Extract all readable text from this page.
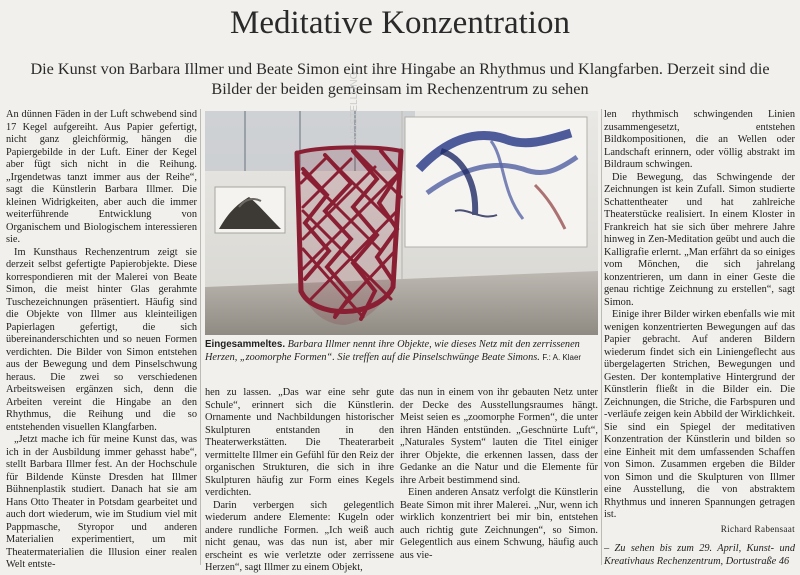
Meditative Konzentration

Die Kunst von Barbara Illmer und Beate Simon eint ihre Hingabe an Rhythmus und Klangfarben. Derzeit sind die Bilder der beiden gemeinsam im Rechenzentrum zu sehen

An dünnen Fäden in der Luft schwebend sind 17 Kegel aufgereiht. Aus Papier gefertigt, nicht ganz gleichförmig, hängen die Papiergebilde in der Luft. Einer der Kegel aber fügt sich nicht in die Reihung. „Irgendetwas tanzt immer aus der Reihe“, sagt die Künstlerin Barbara Illmer. Die kleinen Widrigkeiten, aber auch die immer weiterführende Entwicklung von Organischem und Biologischem interessieren sie.

Im Kunsthaus Rechenzentrum zeigt sie derzeit selbst gefertigte Papierobjekte. Diese korrespondieren mit der Malerei von Beate Simon, die meist hinter Glas gerahmte Tuschezeichnungen präsentiert. Häufig sind die Objekte von Illmer aus kleinteiligen Papierlagen gefertigt, die sich übereinanderschichten und so neuen Formen verdichten. Die Bilder von Simon entstehen aus der Bewegung und dem Pinselschwung heraus. Die zwei so verschiedenen Arbeitsweisen ergänzen sich, denn die Arbeiten vereint die Hingabe an den Rhythmus, die Reihung und die so entstehenden visuellen Klangfarben.

„Jetzt mache ich für meine Kunst das, was ich in der Ausbildung immer gehasst habe“, stellt Barbara Illmer fest. An der Hochschule für Bildende Künste Dresden hat Illmer Bühnenplastik studiert. Danach hat sie am Hans Otto Theater in Potsdam gearbeitet und auch dort wiederum, wie im Studium viel mit Pappmasche, Styropor und anderen Materialien experimentiert, um mit Theatermaterialien die Illusion einer realen Welt entste-

AUSSTELLUNG

Eingesammeltes. Barbara Illmer nennt ihre Objekte, wie dieses Netz mit den zerrissenen Herzen, „zoomorphe Formen“. Sie treffen auf die Pinselschwünge Beate Simons. F.: A. Klaer

hen zu lassen. „Das war eine sehr gute Schule“, erinnert sich die Künstlerin. Ornamente und Nachbildungen historischer Skulpturen entstanden in den Theaterwerkstätten. Die Theaterarbeit vermittelte Illmer ein Gefühl für den Reiz der organischen Strukturen, die sich in ihre Skulpturen häufig zur Form eines Kegels verdichten.

Darin verbergen sich gelegentlich wiederum andere Elemente: Kugeln oder andere rundliche Formen. „Ich weiß auch nicht genau, was das nun ist, aber mir erscheint es wie verletzte oder zerrissene Herzen“, sagt Illmer zu einem Objekt,

das nun in einem von ihr gebauten Netz unter der Decke des Ausstellungsraumes hängt. Meist seien es „zoomorphe Formen“, die unter ihren Händen entstünden. „Geschnürte Luft“, „Naturales System“ lauten die Titel einiger ihrer Objekte, die erkennen lassen, dass der Gedanke an die Natur und die Elemente für ihre Arbeit bestimmend sind.

Einen anderen Ansatz verfolgt die Künstlerin Beate Simon mit ihrer Malerei. „Nur, wenn ich wirklich konzentriert bei mir bin, entstehen auch richtig gute Zeichnungen“, so Simon. Gelegentlich aus einem Schwung, häufig auch aus vie-

len rhythmisch schwingenden Linien zusammengesetzt, entstehen Bildkompositionen, die an Wellen oder Landschaft erinnern, oder völlig abstrakt im Bildraum schwingen.

Die Bewegung, das Schwingende der Zeichnungen ist kein Zufall. Simon studierte Schattentheater und hat zahlreiche Theaterstücke realisiert. In einem Kloster in Frankreich hat sie sich über mehrere Jahre hinweg in Zen-Meditation geübt und auch die Kalligrafie erlernt. „Man erfährt da so einiges vom Mönchen, die sich jahrelang konzentrieren, um dann in einer Geste die genau richtige Zeichnung zu erstellen“, sagt Simon.

Einige ihrer Bilder wirken ebenfalls wie mit wenigen konzentrierten Bewegungen auf das Papier gebracht. Auf anderen Bildern wiederum findet sich ein Liniengeflecht aus übergelagerten Strichen, Bewegungen und Gesten. Der kontemplative Hintergrund der Künstlerin fließt in die Bilder ein. Die Zeichnungen, die Striche, die Farbspuren und -verläufe zeigen kein Abbild der Wirklichkeit. Sie sind ein Spiegel der meditativen Konzentration der Künstlerin und bilden so eine Einheit mit dem umfassenden Schaffen von Simon. Zusammen ergeben die Bilder von Simon und die Skulpturen von Illmer eine Ausstellung, die von abstraktem Rhythmus und inneren Spannungen getragen ist.

Richard Rabensaat

– Zu sehen bis zum 29. April, Kunst- und Kreativhaus Rechenzentrum, Dortustraße 46
